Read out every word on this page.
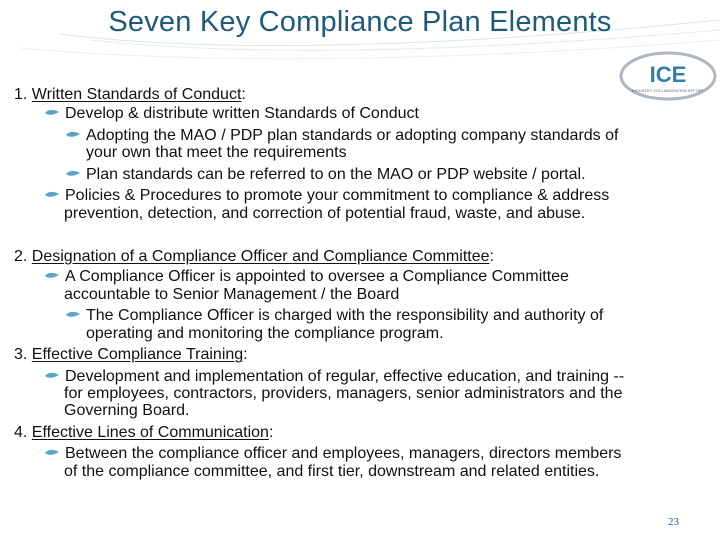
Seven Key Compliance Plan Elements
ICE
INDUSTRY COLLABORATION EFFORT
1. Written Standards of Conduct:
Develop & distribute written Standards of Conduct
Adopting the MAO / PDP plan standards or adopting company standards of
your own that meet the requirements
Plan standards can be referred to on the MAO or PDP website / portal.
Policies & Procedures to promote your commitment to compliance & address
prevention, detection, and correction of potential fraud, waste, and abuse.
2. Designation of a Compliance Officer and Compliance Committee:
A Compliance Officer is appointed to oversee a Compliance Committee
accountable to Senior Management / the Board
The Compliance Officer is charged with the responsibility and authority of
operating and monitoring the compliance program.
3. Effective Compliance Training:
Development and implementation of regular, effective education, and training --
for employees, contractors, providers, managers, senior administrators and the
Governing Board.
4. Effective Lines of Communication:
Between the compliance officer and employees, managers, directors members
of the compliance committee, and first tier, downstream and related entities.
23
